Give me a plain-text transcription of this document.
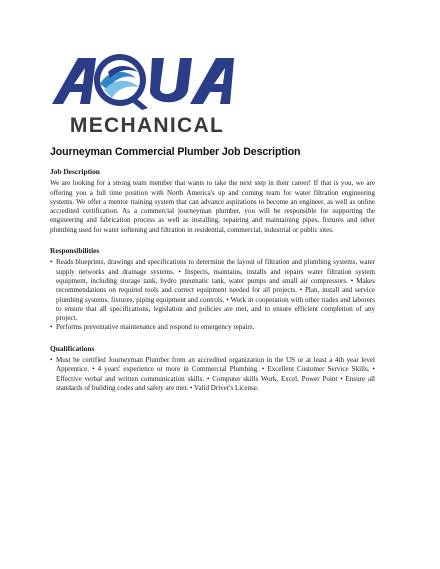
MECHANICAL
Journeyman Commercial Plumber Job Description
Job Description

We are looking for a strong team member that wants to take the next step in their career! If that is you, we are offering you a full time position with North America's up and coming team for water filtration engineering systems. We offer a mentor training system that can advance aspirations to become an engineer, as well as online accredited certification. As a commercial journeyman plumber, you will be responsible for supporting the engineering and fabrication process as well as installing, repairing and maintaining pipes, fixtures and other plumbing used for water softening and filtration in residential, commercial, industrial or public sites.

Responsibilities
• Reads blueprints, drawings and specifications to determine the layout of filtration and plumbing systems, water supply networks and drainage systems. • Inspects, maintains, installs and repairs water filtration system equipment, including storage tank, hydro pneumatic tank, water pumps and small air compressors. • Makes recommendations on required tools and correct equipment needed for all projects. • Plan, install and service plumbing systems, fixtures, piping equipment and controls. • Work in cooperation with other trades and laborers to ensure that all specifications, legislation and policies are met, and to ensure efficient completion of any project.
• Performs preventative maintenance and respond to emergency repairs.
Qualifications
• Must be certified Journeyman Plumber from an accredited organization in the US or at least a 4th year level Apprentice. • 4 years' experience or more in Commercial Plumbing. • Excellent Customer Service Skills. • Effective verbal and written communication skills. • Computer skills Work, Excel, Power Point • Ensure all standards of building codes and safety are met. • Valid Driver's License.
